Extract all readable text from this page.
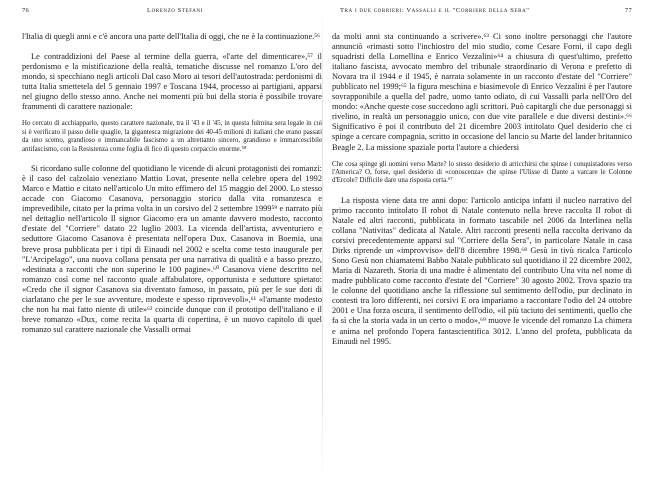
76	Lorenzo Stefani

l'Italia di quegli anni e c'è ancora una parte dell'Italia di oggi, che ne è la continuazione.⁵⁶

Le contraddizioni del Paese al termine della guerra, «l'arte del dimenticare»,⁵⁷ il perdonismo e la mistificazione della realtà, tematiche discusse nel romanzo L'oro del mondo, si specchiano negli articoli Dal caso Moro ai tesori dell'autostrada: perdonismi di tutta Italia smettetela del 5 gennaio 1997 e Toscana 1944, processo ai partigiani, apparsi nel giugno dello stesso anno. Anche nei momenti più bui della storia è possibile trovare frammenti di carattere nazionale:

Ho cercato di acchiapparlo, questo carattere nazionale, tra il '43 e il '45, in questa fulmina sera legale in cui si è verificato il passo delle quaglie, la gigantesca migrazione dei 40-45 milioni di italiani che erano passati da uno scemo, grandioso e immancabile fascismo a un altrettanto sincero, grandioso e immarcescibile antifascismo, con la Resistenza come foglia di fico di questo corpaccio enorme.⁵⁸

Si ricordano sulle colonne del quotidiano le vicende di alcuni protagonisti dei romanzi: è il caso del calzolaio veneziano Mattio Lovat, presente nella celebre opera del 1992 Marco e Mattio e citato nell'articolo Un mito effimero del 15 maggio del 2000. Lo stesso accade con Giacomo Casanova, personaggio storico dalla vita romanzesca e imprevedibile, citato per la prima volta in un corsivo del 2 settembre 1999⁵⁹ e narrato più nel dettaglio nell'articolo Il signor Giacomo era un amante davvero modesto, racconto d'estate del "Corriere" datato 22 luglio 2003. La vicenda dell'artista, avventuriero e seduttore Giacomo Casanova è presentata nell'opera Dux. Casanova in Boemia, una breve prosa pubblicata per i tipi di Einaudi nel 2002 e scelta come testo inaugurale per "L'Arcipelago", una nuova collana pensata per una narrativa di qualità e a basso prezzo, «destinata a racconti che non superino le 100 pagine».⁶⁰ Casanova viene descritto nel romanzo così come nel racconto quale affabulatore, opportunista e seduttore spietato: «Credo che il signor Casanova sia diventato famoso, in passato, più per le sue doti di ciarlatano che per le sue avventure, modeste e spesso riprovevoli»,⁶¹ «l'amante modesto che non ha mai fatto niente di utile»⁶² coincide dunque con il prototipo dell'italiano e il breve romanzo «Dux, come recita la quarta di copertina, è un nuovo capitolo di quel romanzo sul carattere nazionale che Vassalli ormai

Tra i due corrieri: Vassalli e il "Corriere della Sera"	77

da molti anni sta continuando a scrivere».⁶³ Ci sono inoltre personaggi che l'autore annunciò «rimasti sotto l'inchiostro del mio studio, come Cesare Forni, il capo degli squadristi della Lomellina e Enrico Vezzalini»⁶⁴ a chiusura di quest'ultimo, prefetto italiano fascista, avvocato membro del tribunale straordinario di Verona e prefetto di Novara tra il 1944 e il 1945, è narrata solamente in un racconto d'estate del "Corriere" pubblicato nel 1999;⁶⁵ la figura meschina e biasimevole di Enrico Vezzalini è per l'autore sovrapponibile a quella del padre, uomo tanto odiato, di cui Vassalli parla nell'Oro del mondo: «Anche queste cose succedono agli scrittori. Può capitargli che due personaggi si rivelino, in realtà un personaggio unico, con due vite parallele e due diversi destini».⁶⁶ Significativo è poi il contributo del 21 dicembre 2003 intitolato Quel desiderio che ci spinge a cercare compagnia, scritto in occasione del lancio su Marte del lander britannico Beagle 2. La missione spaziale porta l'autore a chiedersi

Che cosa spinge gli uomini verso Marte? lo stesso desiderio di arricchirsi che spinse i conquistadores verso l'America? O, forse, quel desiderio di «conoscenza» che spinse l'Ulisse di Dante a varcare le Colonne d'Ercole? Difficile dare una risposta certa.⁶⁷

La risposta viene data tre anni dopo: l'articolo anticipa infatti il nucleo narrativo del primo racconto intitolato Il robot di Natale contenuto nella breve raccolta Il robot di Natale ed altri racconti, pubblicata in formato tascabile nel 2006 da Interlinea nella collana "Nativitas" dedicata al Natale. Altri racconti presenti nella raccolta derivano da corsivi precedentemente apparsi sul "Corriere della Sera", in particolare Natale in casa Dirks riprende un «improvviso» dell'8 dicembre 1998.⁶⁸ Gesù in tivù ricalca l'articolo Sono Gesù non chiamatemi Babbo Natale pubblicato sul quotidiano il 22 dicembre 2002, Maria di Nazareth. Storia di una madre è alimentato del contributo Una vita nel nome di madre pubblicato come racconto d'estate del "Corriere" 30 agosto 2002. Trova spazio tra le colonne del quotidiano anche la riflessione sul sentimento dell'odio, pur declinato in contesti tra loro differenti, nei corsivi E ora impariamo a raccontare l'odio del 24 ottobre 2001 e Una forza oscura, il sentimento dell'odio, «il più taciuto dei sentimenti, quello che fa sì che la storia vada in un certo o modo»,⁶⁹ muove le vicende del romanzo La chimera e anima nel profondo l'opera fantascientifica 3012. L'anno del profeta, pubblicata da Einaudi nel 1995.
